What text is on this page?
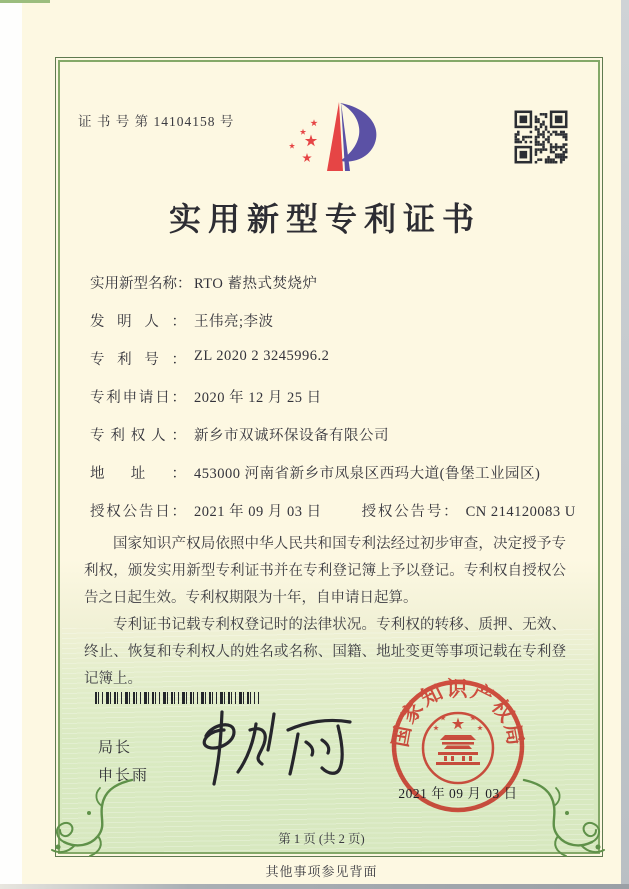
证 书 号 第 14104158 号
实用新型专利证书
实用新型名称： RTO 蓄热式焚烧炉
发明人： 王伟亮;李波
专利号： ZL 2020 2 3245996.2
专利申请日： 2020 年 12 月 25 日
专利权人： 新乡市双诚环保设备有限公司
地址： 453000 河南省新乡市凤泉区西玛大道(鲁堡工业园区)
授权公告日： 2021 年 09 月 03 日	授权公告号： CN 214120083 U

国家知识产权局依照中华人民共和国专利法经过初步审查，决定授予专利权，颁发实用新型专利证书并在专利登记簿上予以登记。专利权自授权公告之日起生效。专利权期限为十年，自申请日起算。

专利证书记载专利权登记时的法律状况。专利权的转移、质押、无效、终止、恢复和专利权人的姓名或名称、国籍、地址变更等事项记载在专利登记簿上。

局长
申长雨
国家知识产权局
2021 年 09 月 03 日
第 1 页 (共 2 页)
其他事项参见背面
